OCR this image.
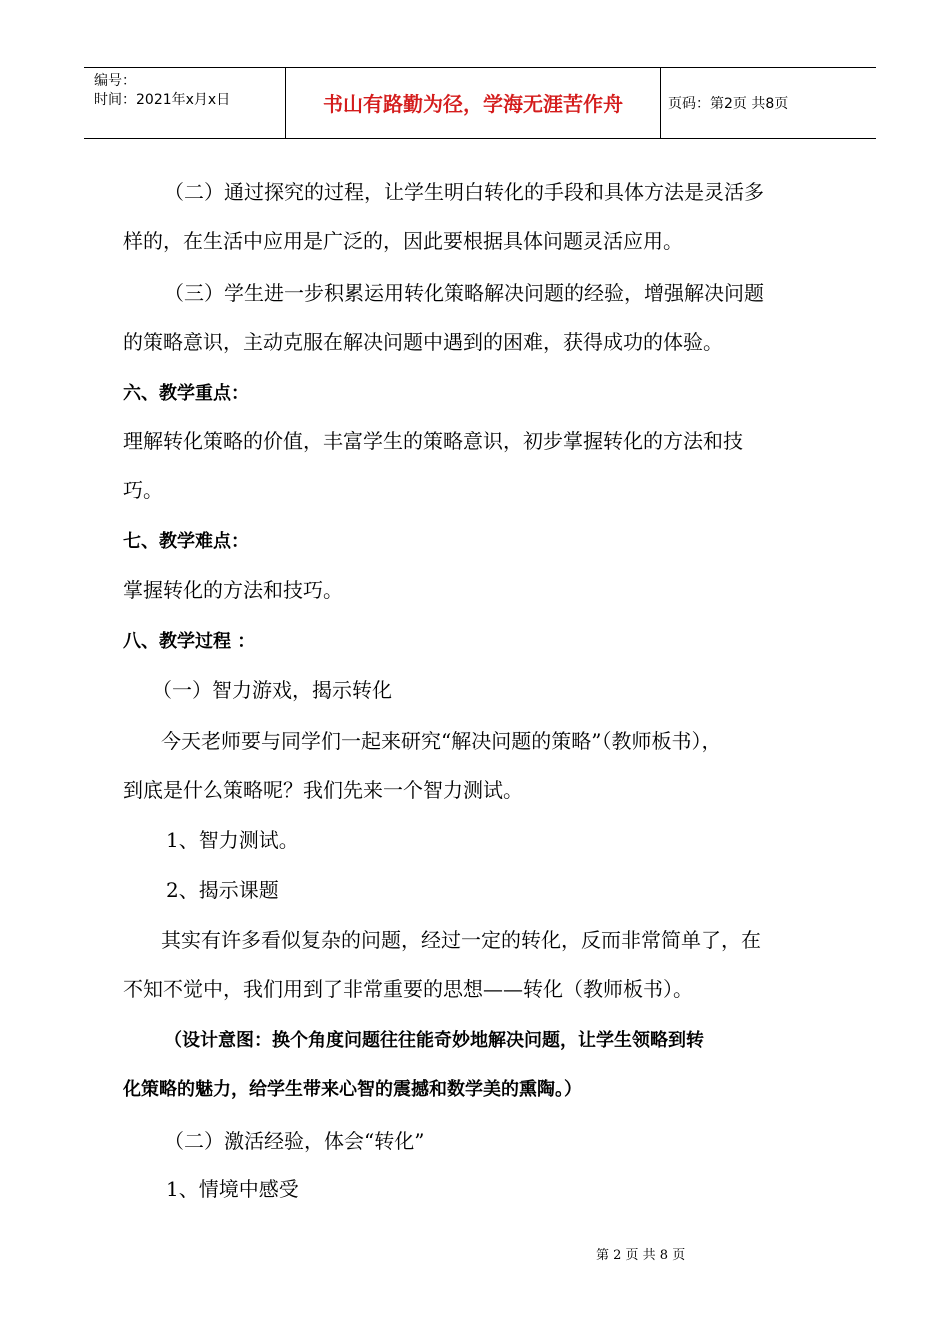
编号：
时间：2021年x月x日	书山有路勤为径，学海无涯苦作舟	页码：第2页 共8页
（二）通过探究的过程，让学生明白转化的手段和具体方法是灵活多
样的，在生活中应用是广泛的，因此要根据具体问题灵活应用。
（三）学生进一步积累运用转化策略解决问题的经验，增强解决问题
的策略意识，主动克服在解决问题中遇到的困难，获得成功的体验。
六、教学重点：
理解转化策略的价值，丰富学生的策略意识，初步掌握转化的方法和技
巧。
七、教学难点：
掌握转化的方法和技巧。
八、教学过程 ：
（一）智力游戏，揭示转化
今天老师要与同学们一起来研究“解决问题的策略”（教师板书），
到底是什么策略呢？我们先来一个智力测试。
1、智力测试。
2、揭示课题
其实有许多看似复杂的问题，经过一定的转化，反而非常简单了，在
不知不觉中，我们用到了非常重要的思想——转化（教师板书）。
（设计意图：换个角度问题往往能奇妙地解决问题，让学生领略到转
化策略的魅力，给学生带来心智的震撼和数学美的熏陶。）
（二）激活经验，体会“转化”
1、情境中感受
第 2 页 共 8 页
